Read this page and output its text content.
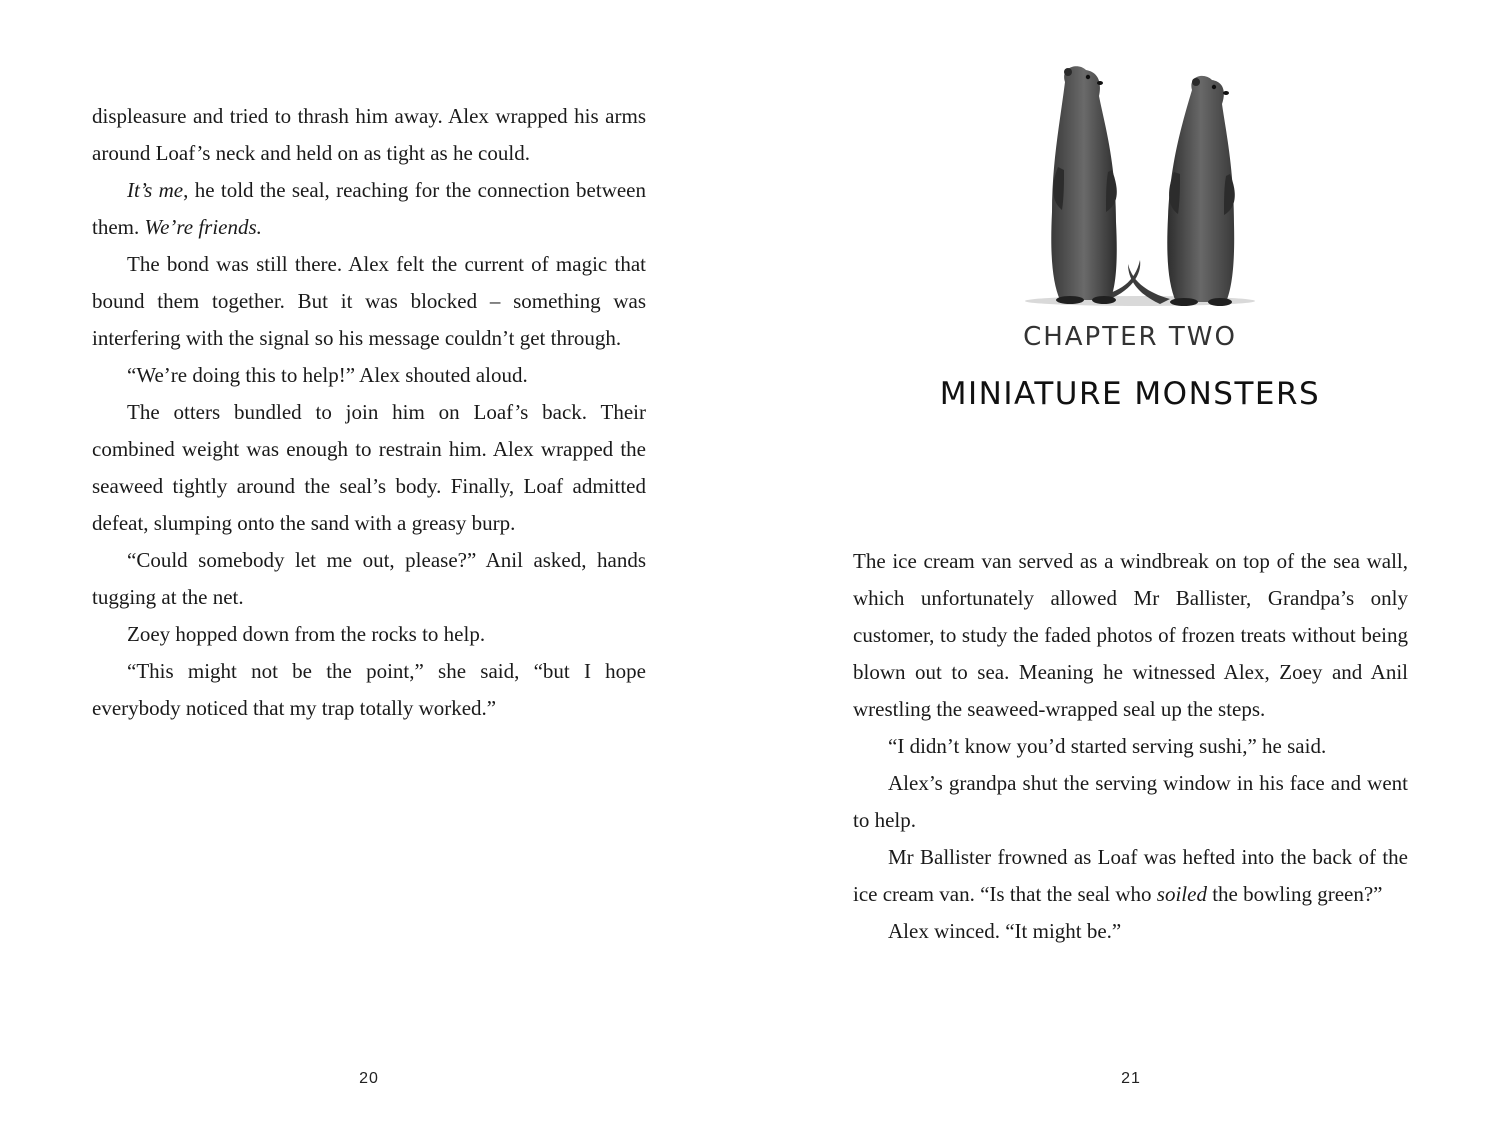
displeasure and tried to thrash him away. Alex wrapped his arms around Loaf’s neck and held on as tight as he could.

It’s me, he told the seal, reaching for the connection between them. We’re friends.

The bond was still there. Alex felt the current of magic that bound them together. But it was blocked – something was interfering with the signal so his message couldn’t get through.

“We’re doing this to help!” Alex shouted aloud.

The otters bundled to join him on Loaf’s back. Their combined weight was enough to restrain him. Alex wrapped the seaweed tightly around the seal’s body. Finally, Loaf admitted defeat, slumping onto the sand with a greasy burp.

“Could somebody let me out, please?” Anil asked, hands tugging at the net.

Zoey hopped down from the rocks to help.

“This might not be the point,” she said, “but I hope everybody noticed that my trap totally worked.”

20
CHAPTER TWO
MINIATURE MONSTERS

The ice cream van served as a windbreak on top of the sea wall, which unfortunately allowed Mr Ballister, Grandpa’s only customer, to study the faded photos of frozen treats without being blown out to sea. Meaning he witnessed Alex, Zoey and Anil wrestling the seaweed-wrapped seal up the steps.

“I didn’t know you’d started serving sushi,” he said.

Alex’s grandpa shut the serving window in his face and went to help.

Mr Ballister frowned as Loaf was hefted into the back of the ice cream van. “Is that the seal who soiled the bowling green?”

Alex winced. “It might be.”

21
